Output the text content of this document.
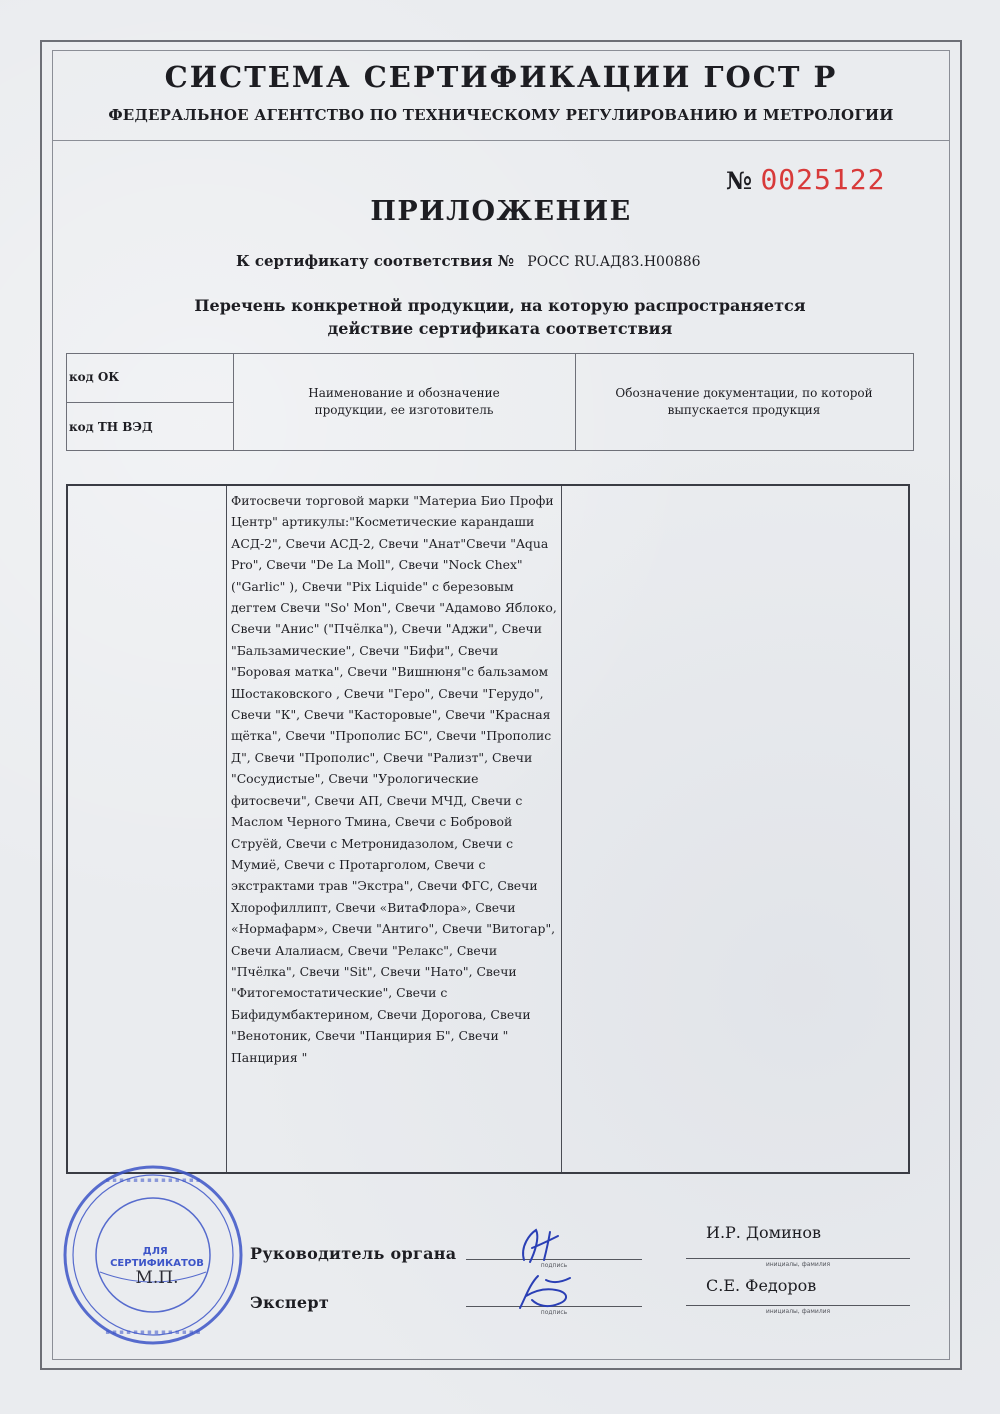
СИСТЕМА СЕРТИФИКАЦИИ ГОСТ Р
ФЕДЕРАЛЬНОЕ АГЕНТСТВО ПО ТЕХНИЧЕСКОМУ РЕГУЛИРОВАНИЮ И МЕТРОЛОГИИ
№ 0025122
ПРИЛОЖЕНИЕ
К сертификату соответствия № РОСС RU.АД83.Н00886
Перечень конкретной продукции, на которую распространяется
действие сертификата соответствия
код ОК
код ТН ВЭД
Наименование и обозначение продукции, ее изготовитель
Обозначение документации, по которой выпускается продукция
Фитосвечи торговой марки "Материа Био Профи Центр" артикулы:"Косметические карандаши АСД-2", Свечи АСД-2, Свечи "Анат"Свечи "Aqua Pro", Свечи "De La Moll", Свечи "Nock Chex"("Garlic" ), Свечи "Pix Liquide" с березовым дегтем Свечи "So' Mon", Свечи "Адамово Яблоко, Свечи "Анис" ("Пчёлка"), Свечи "Аджи", Свечи "Бальзамические", Свечи "Бифи", Свечи "Боровая матка", Свечи "Вишнюня"с бальзамом Шостаковского , Свечи "Геро", Свечи "Герудо", Свечи "К", Свечи "Касторовые", Свечи "Красная щётка", Свечи "Прополис БС", Свечи "Прополис Д", Свечи "Прополис", Свечи "Рализт", Свечи "Сосудистые", Свечи "Урологические фитосвечи", Свечи АП, Свечи МЧД, Свечи с Маслом Черного Тмина, Свечи с Бобровой Струёй, Свечи с Метронидазолом, Свечи с Мумиё, Свечи с Протарголом, Свечи с экстрактами трав "Экстра", Свечи ФГС, Свечи Хлорофиллипт, Свечи «ВитаФлора», Свечи «Нормафарм», Свечи "Антиго", Свечи "Витогар", Свечи Алалиасм, Свечи "Релакс", Свечи "Пчёлка", Свечи "Sit", Свечи "Нато", Свечи "Фитогемостатические", Свечи с Бифидумбактерином, Свечи Дорогова, Свечи "Венотоник, Свечи "Панцирия Б", Свечи " Панцирия "
▪ ▪ ▪ ▪ ▪ ▪ ▪ ▪ ▪ ▪ ▪ ▪ ▪ ▪
▪ ▪ ▪ ▪ ▪ ▪ ▪ ▪ ▪ ▪ ▪ ▪ ▪ ▪
ДЛЯ СЕРТИФИКАТОВ
М.П.
Руководитель органа
подпись
И.Р. Доминов
инициалы, фамилия
Эксперт
подпись
С.Е. Федоров
инициалы, фамилия
